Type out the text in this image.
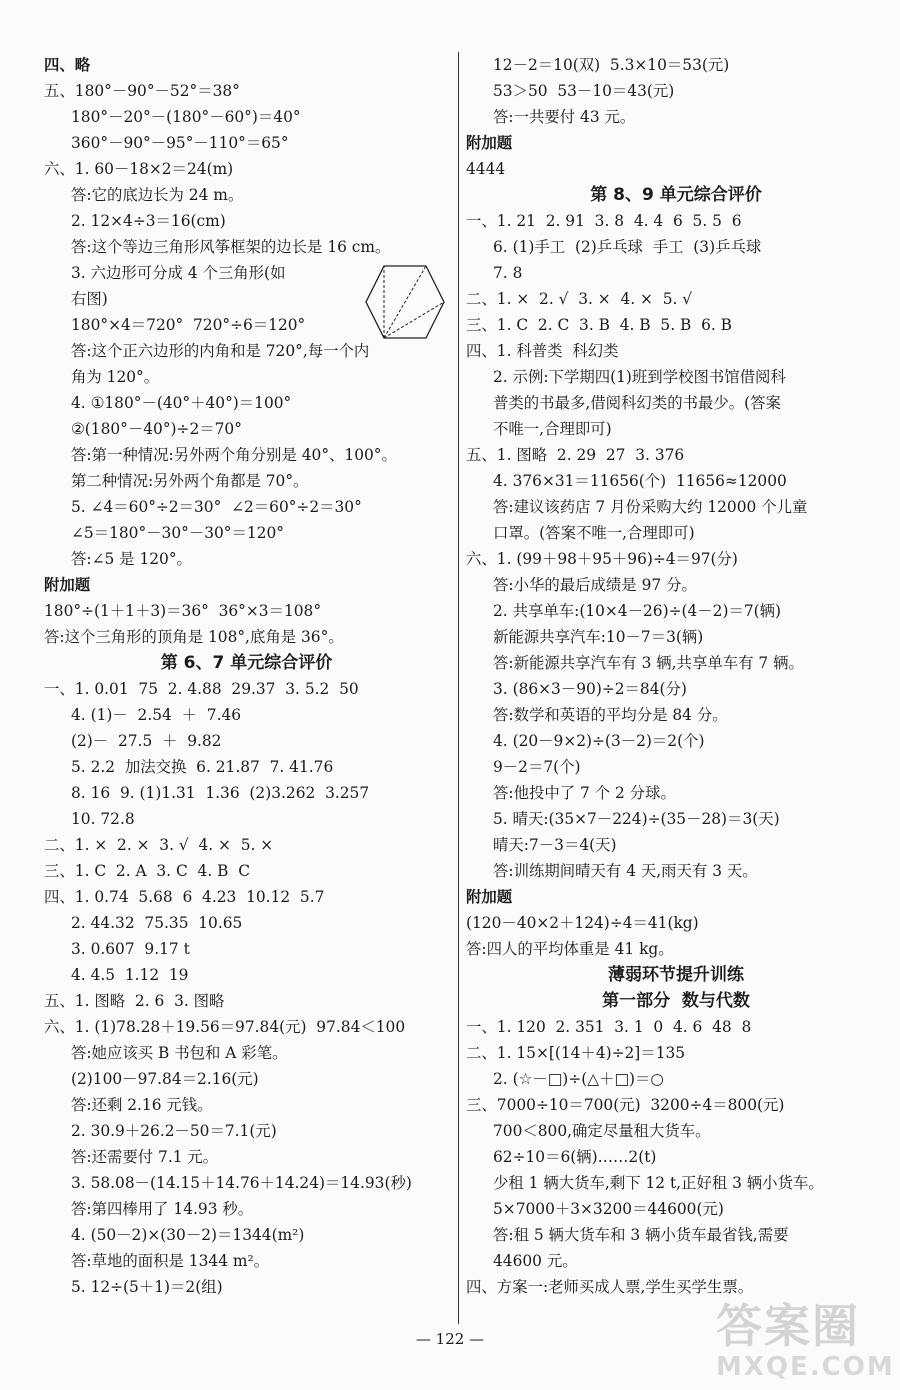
四、略
五、180°－90°－52°＝38°
180°－20°－(180°－60°)＝40°
360°－90°－95°－110°＝65°
六、1. 60－18×2＝24(m)
答:它的底边长为 24 m。
2. 12×4÷3＝16(cm)
答:这个等边三角形风筝框架的边长是 16 cm。
3. 六边形可分成 4 个三角形(如
右图)
180°×4＝720°  720°÷6＝120°
答:这个正六边形的内角和是 720°,每一个内
角为 120°。
4. ①180°－(40°＋40°)＝100°
②(180°－40°)÷2＝70°
答:第一种情况:另外两个角分别是 40°、100°。
第二种情况:另外两个角都是 70°。
5. ∠4＝60°÷2＝30°  ∠2＝60°÷2＝30°
∠5＝180°－30°－30°＝120°
答:∠5 是 120°。
附加题
180°÷(1＋1＋3)＝36°  36°×3＝108°
答:这个三角形的顶角是 108°,底角是 36°。
第 6、7 单元综合评价
一、1. 0.01  75  2. 4.88  29.37  3. 5.2  50
4. (1)－  2.54  ＋  7.46
(2)－  27.5  ＋  9.82
5. 2.2  加法交换  6. 21.87  7. 41.76
8. 16  9. (1)1.31  1.36  (2)3.262  3.257
10. 72.8
二、1. ×  2. ×  3. √  4. ×  5. ×
三、1. C  2. A  3. C  4. B  C
四、1. 0.74  5.68  6  4.23  10.12  5.7
2. 44.32  75.35  10.65
3. 0.607  9.17 t
4. 4.5  1.12  19
五、1. 图略  2. 6  3. 图略
六、1. (1)78.28＋19.56＝97.84(元)  97.84＜100
答:她应该买 B 书包和 A 彩笔。
(2)100－97.84＝2.16(元)
答:还剩 2.16 元钱。
2. 30.9＋26.2－50＝7.1(元)
答:还需要付 7.1 元。
3. 58.08－(14.15＋14.76＋14.24)＝14.93(秒)
答:第四棒用了 14.93 秒。
4. (50－2)×(30－2)＝1344(m²)
答:草地的面积是 1344 m²。
5. 12÷(5＋1)＝2(组)
12－2＝10(双)  5.3×10＝53(元)
53＞50  53－10＝43(元)
答:一共要付 43 元。
附加题
4444
第 8、9 单元综合评价
一、1. 21  2. 91  3. 8  4. 4  6  5. 5  6
6. (1)手工  (2)乒乓球  手工  (3)乒乓球
7. 8
二、1. ×  2. √  3. ×  4. ×  5. √
三、1. C  2. C  3. B  4. B  5. B  6. B
四、1. 科普类  科幻类
2. 示例:下学期四(1)班到学校图书馆借阅科
普类的书最多,借阅科幻类的书最少。(答案
不唯一,合理即可)
五、1. 图略  2. 29  27  3. 376
4. 376×31＝11656(个)  11656≈12000
答:建议该药店 7 月份采购大约 12000 个儿童
口罩。(答案不唯一,合理即可)
六、1. (99＋98＋95＋96)÷4＝97(分)
答:小华的最后成绩是 97 分。
2. 共享单车:(10×4－26)÷(4－2)＝7(辆)
新能源共享汽车:10－7＝3(辆)
答:新能源共享汽车有 3 辆,共享单车有 7 辆。
3. (86×3－90)÷2＝84(分)
答:数学和英语的平均分是 84 分。
4. (20－9×2)÷(3－2)＝2(个)
9－2＝7(个)
答:他投中了 7 个 2 分球。
5. 晴天:(35×7－224)÷(35－28)＝3(天)
晴天:7－3＝4(天)
答:训练期间晴天有 4 天,雨天有 3 天。
附加题
(120－40×2＋124)÷4＝41(kg)
答:四人的平均体重是 41 kg。
薄弱环节提升训练
第一部分  数与代数
一、1. 120  2. 351  3. 1  0  4. 6  48  8
二、1. 15×[(14＋4)÷2]＝135
2. (☆－□)÷(△＋□)＝○
三、7000÷10＝700(元)  3200÷4＝800(元)
700＜800,确定尽量租大货车。
62÷10＝6(辆)……2(t)
少租 1 辆大货车,剩下 12 t,正好租 3 辆小货车。
5×7000＋3×3200＝44600(元)
答:租 5 辆大货车和 3 辆小货车最省钱,需要
44600 元。
四、方案一:老师买成人票,学生买学生票。
— 122 —	答案圈
MXQE.COM
